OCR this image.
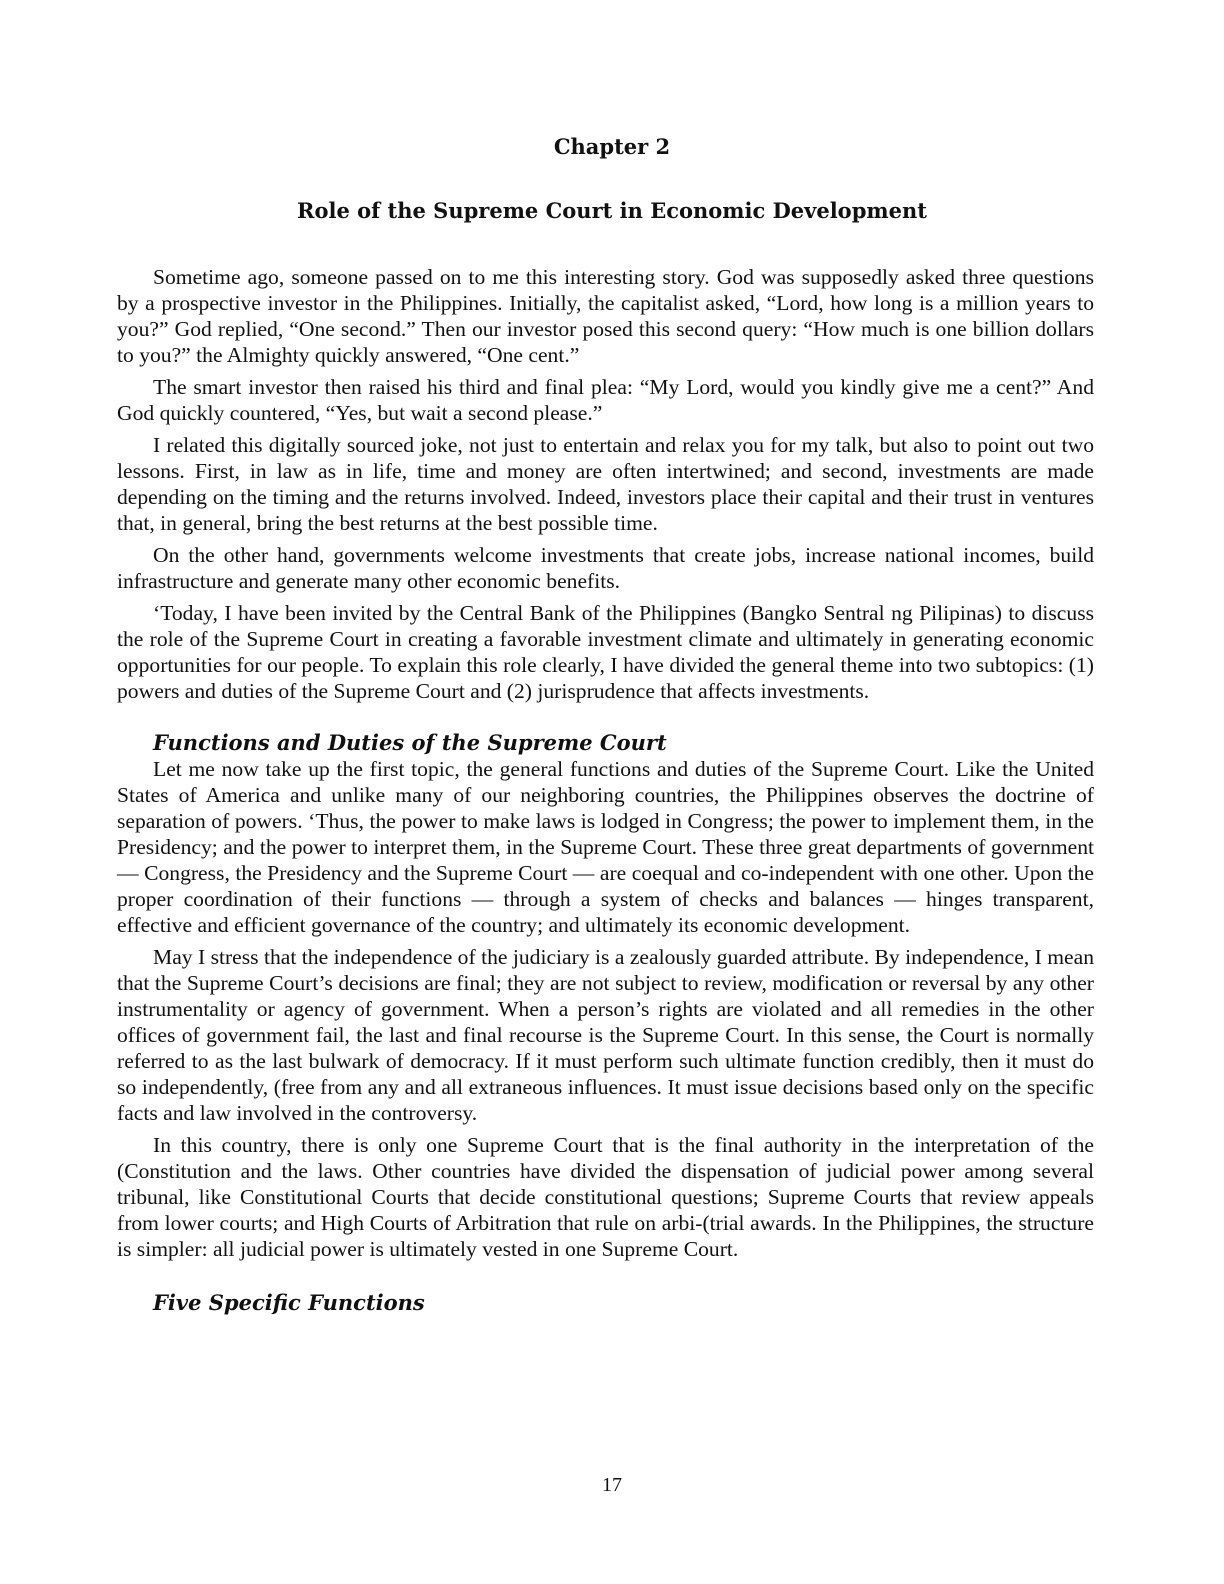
Chapter 2
Role of the Supreme Court in Economic Development

Sometime ago, someone passed on to me this interesting story. God was supposedly asked three questions by a prospective investor in the Philippines. Initially, the capitalist asked, “Lord, how long is a million years to you?” God replied, “One second.” Then our investor posed this second query: “How much is one billion dollars to you?” the Almighty quickly answered, “One cent.”

The smart investor then raised his third and final plea: “My Lord, would you kindly give me a cent?” And God quickly countered, “Yes, but wait a second please.”

I related this digitally sourced joke, not just to entertain and relax you for my talk, but also to point out two lessons. First, in law as in life, time and money are often intertwined; and second, investments are made depending on the timing and the returns involved. Indeed, investors place their capital and their trust in ventures that, in general, bring the best returns at the best possible time.

On the other hand, governments welcome investments that create jobs, increase national incomes, build infrastructure and generate many other economic benefits.

‘Today, I have been invited by the Central Bank of the Philippines (Bangko Sentral ng Pilipinas) to discuss the role of the Supreme Court in creating a favorable investment climate and ultimately in generating economic opportunities for our people. To explain this role clearly, I have divided the general theme into two subtopics: (1) powers and duties of the Supreme Court and (2) jurisprudence that affects investments.

Functions and Duties of the Supreme Court

Let me now take up the first topic, the general functions and duties of the Supreme Court. Like the United States of America and unlike many of our neighboring countries, the Philippines observes the doctrine of separation of powers. ‘Thus, the power to make laws is lodged in Congress; the power to implement them, in the Presidency; and the power to interpret them, in the Supreme Court. These three great departments of government — Congress, the Presidency and the Supreme Court — are coequal and co-independent with one other. Upon the proper coordination of their functions — through a system of checks and balances — hinges transparent, effective and efficient governance of the country; and ultimately its economic development.

May I stress that the independence of the judiciary is a zealously guarded attribute. By independence, I mean that the Supreme Court’s decisions are final; they are not subject to review, modification or reversal by any other instrumentality or agency of government. When a person’s rights are violated and all remedies in the other offices of government fail, the last and final recourse is the Supreme Court. In this sense, the Court is normally referred to as the last bulwark of democracy. If it must perform such ultimate function credibly, then it must do so independently, (free from any and all extraneous influences. It must issue decisions based only on the specific facts and law involved in the controversy.

In this country, there is only one Supreme Court that is the final authority in the interpretation of the (Constitution and the laws. Other countries have divided the dispensation of judicial power among several tribunal, like Constitutional Courts that decide constitutional questions; Supreme Courts that review appeals from lower courts; and High Courts of Arbitration that rule on arbi-(trial awards. In the Philippines, the structure is simpler: all judicial power is ultimately vested in one Supreme Court.

Five Specific Functions
17
